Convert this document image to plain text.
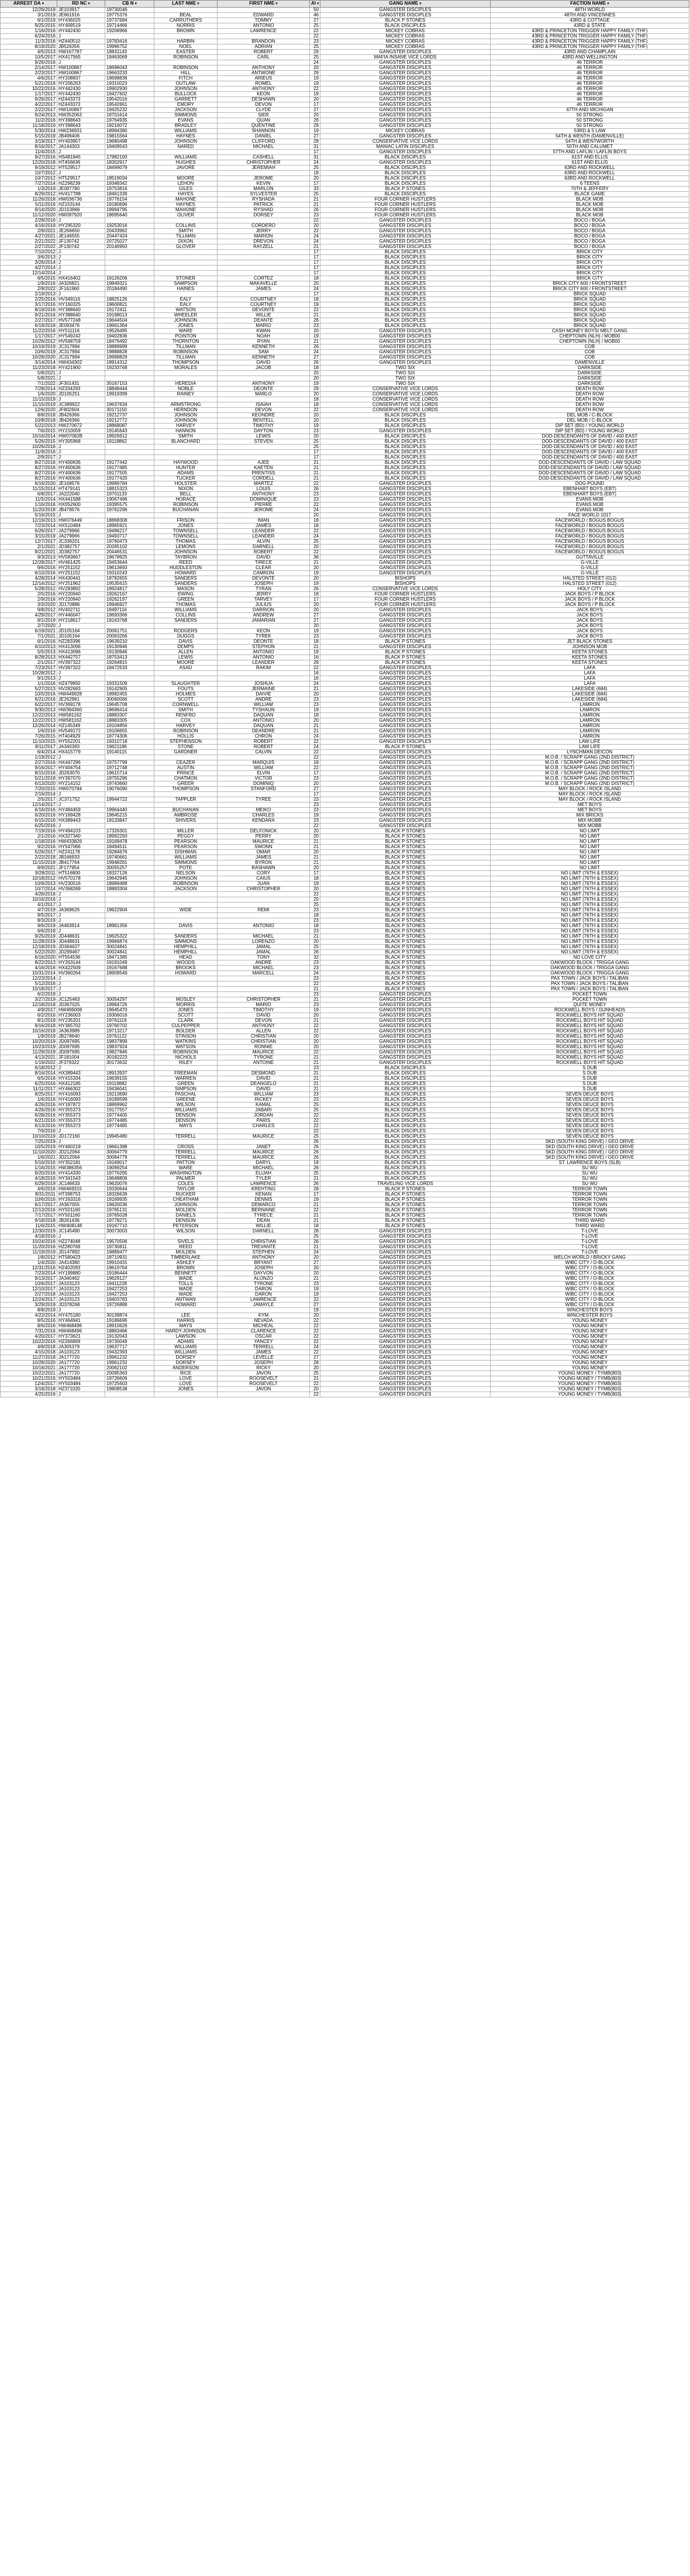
ARREST DA ▾	RD NC ▾	CB N ▾	LAST NME ▾	FIRST NME ▾	AI ▾	GANG NAME ▾	FACTION NAME ▾
12/26/2019	JE103917	19730046			50	GANGSTER DISCIPLES	48TH WORLD
3/1/2019	JE661916	19775376	BEAL	EDWARD	46	GANGSTER DISCIPLES	48TH AND VINCENNES
6/1/2019	HY436025	19737684	CARRUTHERS	TOMMY	27	BLACK P STONES	43RD & COTTAGE
9/25/2015	HY409519	19714466	NORRIS	ANTONIO	25	BLACK DISCIPLES	43RD & STATE
1/16/2016	HY442430	19206966	BROWN	LAWRENCE	22	MICKEY COBRAS	43RD & PRINCETON TRIGGER HAPPY FAMILY (THF)
6/24/2016	J				22	MICKEY COBRAS	43RD & PRINCETON TRIGGER HAPPY FAMILY (THF)
11/3/2016	HZ440510	19783416	HARBIN	BRANDON	23	MICKEY COBRAS	43RD & PRINCETON TRIGGER HAPPY FAMILY (THF)
8/19/2020	JB526356	19996752	NOEL	ADRIAN	25	MICKEY COBRAS	43RD & PRINCETON TRIGGER HAPPY FAMILY (THF)
4/5/2013	HW167787	18831143	EASTER	ROBERT	29	GANGSTER DISCIPLES	43RD AND CHAMPLAIN
10/5/2017	HX417565	19463069	ROBINSON	CARL	25	MAFIA INSANE VICE LORDS	43RD AND WELLINGTON
9/26/2016	J				24	GANGSTER DISCIPLES	46 TERROR
2/14/2017	HW100867	18696043	ROBINSON	ANTHONY	20	GANGSTER DISCIPLES	46 TERROR
2/23/2017	HW100867	19663233	HILL	ANTWONE	29	GANGSTER DISCIPLES	46 TERROR
4/6/2017	HY208837	19698836	FITCH	ARIEUS	19	GANGSTER DISCIPLES	46 TERROR
5/21/2016	HY206263	19310023	OUTLAW	ROMEL	19	GANGSTER DISCIPLES	46 TERROR
10/22/2016	HY442430	19902930	JOHNSON	ANTHONY	22	GANGSTER DISCIPLES	46 TERROR
1/17/2017	HY442430	19427602	BULLOCK	KEON	19	GANGSTER DISCIPLES	46 TERROR
9/26/2017	HZ443373	19542016	GARRETT	DESHAWN	20	GANGSTER DISCIPLES	46 TERROR
4/22/2017	HZ443373	19542661	EMORY	DEVON	17	GANGSTER DISCIPLES	46 TERROR
2/22/2017	HW100867	19425232	JACKSON	CLYDE	27	GANGSTER DISCIPLES	47TH AND MICHIGAN
9/24/2013	HW352063	18701614	SIMMONS	SIER	20	GANGSTER DISCIPLES	50 STRONG
11/2/2016	HY398643	19764935	EVANS	QUAN	26	GANGSTER DISCIPLES	50 STRONG
11/18/2019	HY398643	19216072	BRADLEY	QUENTINE	29	GANGSTER DISCIPLES	50 STRONG
5/30/2014	HW236931	18994380	WILLIAMS	SHANNON	19	MICKEY COBRAS	53RD & 5 LAW
5/15/2019	JB496406	19815564	HAYNES	DANIEL	27	GANGSTER DISCIPLES	54TH & WENTH (DAMENVILLE)
3/19/2017	HY403957	19680498	JOHNSON	CLIFFORD	28	CONSERVATIVE VICE LORDS	54TH & WENTWORTH
8/16/2017	JA144303	19409543	NARED	MICHAEL	31	MANIAC LATIN DISCIPLES	55TH AND CALUMET
11/4/2015	J				17	GANGSTER DISCIPLES	57TH AND LAFLIN / LAFLIN BOYS
9/27/2016	HS481845	17982193	WILLIAMS	CASHELL	31	BLACK DISCIPLES	61ST AND ELLIS
12/20/2018	HT456636	18302917	HUGHES	CHRISTOPHER	24	GANGSTER DISCIPLES	61ST AND ELLIS
9/19/2012	HT529517	18499079	JAVORE	JEREMIAH	25	BLACK DISCIPLES	63RD AND ROCKWELL
10/7/2012	J				18	BLACK DISCIPLES	63RD AND ROCKWELL
10/7/2012	HT529517	18519034	MOORE	JEROME	20	BLACK DISCIPLES	63RD AND ROCKWELL
7/27/2014	HZ298239	19348342	LEHON	KEVIN	17	BLACK DISCIPLES	6 TEENS
1/3/2019	JE087780	19753816	GILES	MARLON	33	BLACK P STONES	70TH & JEFFERY
8/29/2012	HV417788	18461339	HAYES	SYLVESTER	25	BLACK DISCIPLES	BLACK GAME
11/26/2018	HW036736	19776154	MAHONE	RYSHADA	21	FOUR CORNER HUSTLERS	BLACK MOB
5/11/2016	HZ153144	19180696	HAYNES	PATRICK	21	FOUR CORNER HUSTLERS	BLACK MOB
9/14/2020	JD153966	19994795	MAHONE	RYSHAD	26	FOUR CORNER HUSTLERS	BLACK MOB
11/12/2020	HW097920	18695640	OLIVER	DORSEY	23	FOUR CORNER HUSTLERS	BLACK MOB
2/28/2016	J				22	GANGSTER DISCIPLES	BOCO / BOGA
4/16/2019	HY295320	19253016	COLLINS	CORDERO	20	GANGSTER DISCIPLES	BOCO / BOGA
2/9/2021	JE266650	20433962	SMITH	JERRY	22	GANGSTER DISCIPLES	BOCO / BOGA
4/27/2021	JE146555	20447424	TILLMAN	MARION	24	GANGSTER DISCIPLES	BOCO / BOGA
2/21/2022	JF130742	20725027	DIXON	DREVON	24	GANGSTER DISCIPLES	BOCO / BOGA
2/27/2022	JF130742	20146993	GLOVER	RAYZELL	21	GANGSTER DISCIPLES	BOCO / BOGA
7/10/2012	J				17	BLACK DISCIPLES	BRICK CITY
3/6/2013	J				17	BLACK DISCIPLES	BRICK CITY
3/26/2014	J				17	BLACK DISCIPLES	BRICK CITY
4/27/2014	J				17	BLACK DISCIPLES	BRICK CITY
12/14/2014	J				17	BLACK DISCIPLES	BRICK CITY
6/5/2015	HX416402	19126206	STONER	CORTEZ	18	BLACK DISCIPLES	BRICK CITY
1/9/2016	JA326821	19849321	SAMPSON	MAKAVELLE	20	BLACK DISCIPLES	BRICK CITY 600 / FRONTSTREET
2/8/2022	JF161960	20184490	HAINES	JAMES	24	BLACK DISCIPLES	BRICK CITY 600 / FRONTSTREET
2/19/2013	J				17	BLACK DISCIPLES	BRICK SQUAD
2/25/2016	HV349116	18825126	EALY	COURTNEY	18	BLACK DISCIPLES	BRICK SQUAD
3/17/2016	HY160325	19600821	EALY	COURTNEY	19	BLACK DISCIPLES	BRICK SQUAD
8/19/2016	HY388640	19172411	WATSON	DEVONTE	22	BLACK DISCIPLES	BRICK SQUAD
9/21/2016	HY388640	19198013	WHEELER	WILLIE	21	BLACK DISCIPLES	BRICK SQUAD
2/27/2017	HV577248	19644504	JOHNSON	DEANTE	26	BLACK DISCIPLES	BRICK SQUAD
6/19/2018	JE093476	19661364	JONES	MARIO	23	BLACK DISCIPLES	BRICK SQUAD
11/22/2016	HY511116	19526495	WARE	KWAN	20	GANGSTER DISCIPLES	CASH MONEY BOYS/ MELT GANG
1/17/2017	HY549242	19402836	POINTON	NOAH	19	GANGSTER DISCIPLES	CHEPTOWN (NLH) / MOB00
10/26/2012	HV568759	18476492	THORNTON	RYAN	21	GANGSTER DISCIPLES	CHEPTOWN (NLH) / MOB00
10/19/2019	JC317994	19889999	TILLMAN	KENNETH	26	GANGSTER DISCIPLES	COB
10/6/2019	JC317994	19888828	ROBINSON	SAM	24	GANGSTER DISCIPLES	COB
10/28/2020	JC317994	19998829	TILLMAN	KENNETH	27	GANGSTER DISCIPLES	COB
3/14/2014	HW434302	18914312	THOMPSON	DAVID	26	GANGSTER DISCIPLES	DAMENVILLE
11/23/2018	HY421900	19233768	MORALES	JACOB	18	TWO SIX	DARKSIDE
5/8/2021	J				20	TWO SIX	DARKSIDE
5/8/2021	J				20	TWO SIX	DARKSIDE
7/1/2022	JF301431	30167153	HEREDIA	ANTHONY	19	TWO SIX	DARKSIDE
7/28/2014	HZ334293	18848444	NOBLE	DEONTE	29	CONSERVATIVE VICE LORDS	DEATH ROW
1/6/2020	JD105251	19919399	RAINEY	MARLO	20	CONSERVATIVE VICE LORDS	DEATH ROW
11/15/2019	J				18	CONSERVATIVE VICE LORDS	DEATH ROW
11/15/2019	JC389922	19637634	ARMSTRONG	ISAIAH	18	CONSERVATIVE VICE LORDS	DEATH ROW
12/6/2020	JF802604	30171150	HERNDON	DEVON	22	CONSERVATIVE VICE LORDS	DEATH ROW
8/8/2018	JB426366	19212737	JOHNSON	KEONDRE	20	BLACK DISCIPLES	DEL MOB / C-BLOCK
10/8/2018	JB426366	19212772	JOHNSON	BENTELL	20	BLACK DISCIPLES	DEL MOB / C-BLOCK
5/22/2013	HW270672	18868087	HARVEY	TIMOTHY	19	BLACK DISCIPLES	DIP SET (BD) / YOUNG WORLD
7/6/2015	HY210059	19145643	HANNON	DAYTON	23	GANGSTER DISCIPLES	DIP SET (BD) / YOUNG WORLD
10/16/2014	HW07082B	18926912	SMITH	LEWIS	20	BLACK DISCIPLES	DOD-DESCENDANTS OF DAVID / 400 EAST
5/26/2015	HY305968	19118862	BLANCHARD	STEVEN	25	BLACK DISCIPLES	DOD-DESCENDANTS OF DAVID / 400 EAST
10/26/2016	J				25	BLACK DISCIPLES	DOD-DESCENDANTS OF DAVID / 400 EAST
11/9/2016	J				17	BLACK DISCIPLES	DOD-DESCENDANTS OF DAVID / 400 EAST
2/9/2017	J				17	BLACK DISCIPLES	DOD-DESCENDANTS OF DAVID / 400 EAST
8/27/2016	HY400636	19177442	HAYWOOD	AJEE	21	BLACK DISCIPLES	DOD-DESCENDANTS OF DAVID / LAW SQUAD
8/27/2016	HY400636	19177485	HUNTER	KAETEN	21	BLACK DISCIPLES	DOD-DESCENDANTS OF DAVID / LAW SQUAD
8/27/2016	HY400636	19177505	ADAMS	PRENTISS	21	BLACK DISCIPLES	DOD-DESCENDANTS OF DAVID / LAW SQUAD
8/27/2016	HY400636	19177420	TUCKER	CORDELL	21	BLACK DISCIPLES	DOD-DESCENDANTS OF DAVID / LAW SQUAD
6/16/2020	JE168576	19989784	HOLSTER	MARTEZ	22	GANGSTER DISCIPLES	DOG POUND
11/15/2014	HT479141	18815323	NIXON	LOUIS	26	GANGSTER DISCIPLES	EBENHART BOYS (EBT)
6/8/2017	JA222040	19701133	BELL	ANTHONY	23	GANGSTER DISCIPLES	EBENHART BOYS (EBT)
11/5/2014	HX441588	19067496	HORACE	DOMINIQUE	23	GANGSTER DISCIPLES	EVANS MOB
1/16/2016	HX052600	19395575	ROBINSON	PIERRE	22	GANGSTER DISCIPLES	EVANS MOB
11/20/2018	JB478576	19762296	BUCHANAN	JEROME	24	GANGSTER DISCIPLES	EVANS MOB
5/16/2015	J				20	GANGSTER DISCIPLES	FACE WORLD 1017
12/19/2013	HW076449	18868308	FRISON	IMAN	18	GANGSTER DISCIPLES	FACEWORLD / BOGUS BOGUS
7/23/2014	HX510484	18965921	JONES	JAMES	18	GANGSTER DISCIPLES	FACEWORLD / BOGUS BOGUS
6/26/2017	JA279966	19496217	TOWNSELL	LEANDER	22	GANGSTER DISCIPLES	FACEWORLD / BOGUS BOGUS
3/15/2019	JA279966	19493717	TOWNSELL	LEANDER	24	GANGSTER DISCIPLES	FACEWORLD / BOGUS BOGUS
12/7/2017	JC336201	19760473	THOMAS	ALVIN	25	GANGSTER DISCIPLES	FACEWORLD / BOGUS BOGUS
2/1/2021	JD382757	20265102	LEMONS	DARNELL	20	GANGSTER DISCIPLES	FACEWORLD / BOGUS BOGUS
9/21/2021	JD382757	20446531	JOHNSON	ROBERT	22	GANGSTER DISCIPLES	FACEWORLD / BOGUS BOGUS
9/3/2013	HV583667	18678925	TAYBRON	DAVID	36	GANGSTER DISCIPLES	GUTTAVILLE
12/28/2017	HV461425	19453644	REED	TIRECE	21	GANGSTER DISCIPLES	G-VILLE
9/6/2016	HY251152	19613693	HUDDLESTON	CLEAR	20	GANGSTER DISCIPLES	G-VILLE
6/10/2016	HY251152	19310243	HOWARD	CAMRON	19	GANGSTER DISCIPLES	G-VILLE
4/28/2014	HX430441	18782655	SANDERS	DEVONTE	20	BISHOPS	HALSTED STREET (012)
12/14/2012	HY251962	19535615	SANDERS	JOSEPH	19	BISHOPS	HALSTED STREET (012)
5/28/2012	HV283892	18924817	MASON	TYRAN	26	CONSERVATIVE VICE LORDS	HOLY CITY
2/5/2016	HY220940	19262167	EWING	JERRY	18	FOUR CORNER HUSTLERS	JACK BOYS / P BLOCK
2/9/2016	HY220940	19262197	GREEN	TARVEY	17	FOUR CORNER HUSTLERS	JACK BOYS / P BLOCK
3/3/2020	JD170886	19946927	THOMAS	JULIUS	20	FOUR CORNER HUSTLERS	JACK BOYS / P BLOCK
9/8/2012	HV402711	18497116	WILLIAMS	DARRION	20	GANGSTER DISCIPLES	JACK BOYS
4/29/2017	HY446047	19693366	COLLINS	ANDREW	27	GANGSTER DISCIPLES	JACK BOYS
8/1/2019	HY218617	19163768	SANDERS	JAMARIAN	27	GANGSTER DISCIPLES	JACK BOYS
2/7/2020	J				20	GANGSTER DISCIPLES	JACK BOYS
6/19/2021	JD105164	20061751	RODGERS	KEON	19	GANGSTER DISCIPLES	JACK BOYS
7/1/2021	JD105164	20063266	DUGGS	TYREK	23	GANGSTER DISCIPLES	JACK BOYS
6/1/2016	HZ283396	19639210	DAVIS	DEONTE	18	BLACK P STONES	JET BLACK STONES
6/10/2013	HX413096	19130946	DEMPS	STEPHON	21	GANGSTER DISCIPLES	JOHNSON MOB
5/5/2013	HX413096	19130946	ALLEN	ANTONIO	19	BLACK P STONES	KEETA STONES
8/28/2013	HX442757	18753413	LEWIS	ANTONIO	16	BLACK P STONES	KEETA STONES
2/1/2017	HV397322	19264815	MOORE	LEANDER	29	BLACK P STONES	KEETA STONES
7/23/2017	HV397322	18472533	ASAD	RAKIM	22	GANGSTER DISCIPLES	LAFA
10/28/2012	J				16	GANGSTER DISCIPLES	LAFA
9/1/2013	J				16	GANGSTER DISCIPLES	LAFA
1/1/2016	HZ479950	19331509	SLAUGHTER	JOSHUA	24	GANGSTER DISCIPLES	LAFA
5/27/2013	HV282693	19142905	FOUTS	JERMAINE	21	GANGSTER DISCIPLES	LAKESIDE (684)
10/5/2016	HW449928	18982455	HOLMES	DAIVIE	20	GANGSTER DISCIPLES	LAKESIDE (684)
6/21/2016	JE262961	30060066	SCOTT	ANDRE	23	GANGSTER DISCIPLES	LAKESIDE (684)
6/22/2017	HV369178	19645708	CORNWELL	WILLIAM	23	GANGSTER DISCIPLES	LAMRON
9/30/2013	HW394360	18696414	SMITH	TYSHAUN	19	GANGSTER DISCIPLES	LAMRON
12/22/2013	HW581162	18883307	RENFRO	DAQUAN	18	GANGSTER DISCIPLES	LAMRON
12/22/2013	HW581162	18883305	COX	ANTONIO	20	GANGSTER DISCIPLES	LAMRON
12/26/2014	HZ145349	19104856	HARVEY	DAQUAN	21	GANGSTER DISCIPLES	LAMRON
1/6/2016	HV549172	19106655	ROBINSON	DEANDRE	21	GANGSTER DISCIPLES	LAMRON
7/26/2015	HT404929	18774306	HOLLIS	CHRON	24	GANGSTER DISCIPLES	LAMRON
11/10/2015	HY552201	19310718	STEPHENSON	ROBERT	22	GANGSTER DISCIPLES	LAW LIFE
8/11/2017	JA340393	19621186	STONE	ROBERT	24	BLACK P STONES	LAW LIFE
6/4/2014	HX415779	19140115	GARDNER	CALVIN	22	GANGSTER DISCIPLES	LYNCHMAN DEICON
1/19/2012	J				22	GANGSTER DISCIPLES	M.O.B. / SCRAPP GANG (2ND DISTRICT)
2/27/2016	HX447296	19757799	CEAZER	MARQUIS	18	GANGSTER DISCIPLES	M.O.B. / SCRAPP GANG (2ND DISTRICT)
9/16/2017	HY404754	19712748	AUSTIN	WILLIAM	22	GANGSTER DISCIPLES	M.O.B. / SCRAPP GANG (2ND DISTRICT)
8/15/2016	JD263070	19615714	PRINCE	ELVIN	17	GANGSTER DISCIPLES	M.O.B. / SCRAPP GANG (2ND DISTRICT)
5/21/2018	HY397070	19755296	CHATMON	VICTOR	23	GANGSTER DISCIPLES	M.O.B. / SCRAPP GANG (2ND DISTRICT)
6/13/2020	HY214152	19743660	GREER	DOMINIQ	20	GANGSTER DISCIPLES	M.O.B. / SCRAPP GANG (2ND DISTRICT)
7/20/2015	HW070784	19076090	THOMPSON	STANFORD	27	GANGSTER DISCIPLES	MAY BLOCK / ROCK ISLAND
2/16/2014	J				17	GANGSTER DISCIPLES	MAY BLOCK / ROCK ISLAND
2/5/2017	JC371752	19944722	TAPPLER	TYREE	23	GANGSTER DISCIPLES	MAY BLOCK / ROCK ISLAND
12/14/2017	J				23	GANGSTER DISCIPLES	MET BOYS
6/16/2016	HY484459	19964440	BUCHANAN	MEIKO	23	GANGSTER DISCIPLES	MET BOYS
6/20/2016	HY169428	19645215	AMBROSE	CHARLES	19	GANGSTER DISCIPLES	MIX BRICKS
6/15/2016	HX389443	19133847	SHIVERS	KENDARA	23	GANGSTER DISCIPLES	MIX MOBB
6/25/2016	J				22	GANGSTER DISCIPLES	MIX MOBB
7/19/2016	HY494103	17326301	MILLER	DELFONICK	20	BLACK P STONES	NO LIMIT
2/1/2016	HX327340	18992293	PEGGY	PERRY	20	BLACK P STONES	NO LIMIT
1/18/2016	HW433826	19168478	PEARSON	MAURICE	21	BLACK P STONES	NO LIMIT
9/2/2016	HY547066	18494511	PEARSON	SWONN	21	BLACK P STONES	NO LIMIT
5/26/2017	HZ241178	19284676	DISHMAN	OMAR	20	BLACK P STONES	NO LIMIT
2/22/2018	JB166933	19740661	WILLIAMS	JAMES	21	BLACK P STONES	NO LIMIT
11/15/2019	JB417764	19948281	SIMMONS	BYRON	21	BLACK P STONES	NO LIMIT
8/9/2021	JF177954	30055257	POTE	RASHAWN	20	BLACK P STONES	NO LIMIT
9/28/2011	HT516800	18327126	NELSON	CORY	17	BLACK P STONES	NO LIMIT (76TH & ESSEX)
10/18/2012	HV570178	19642945	JOHNSON	CAIUS	18	BLACK P STONES	NO LIMIT (76TH & ESSEX)
10/9/2013	HV230516	18989488	ROBINSON	JUAN	19	BLACK P STONES	NO LIMIT (76TH & ESSEX)
10/7/2014	HV368269	18883304	JACKSON	CHRISTOPHER	20	BLACK P STONES	NO LIMIT (76TH & ESSEX)
4/26/2016	J				22	BLACK P STONES	NO LIMIT (76TH & ESSEX)
10/16/2016	J				20	BLACK P STONES	NO LIMIT (76TH & ESSEX)
4/1/2017	J				25	BLACK P STONES	NO LIMIT (76TH & ESSEX)
4/7/2019	JA369626	19622904	WIDE	REMI	23	BLACK P STONES	NO LIMIT (76TH & ESSEX)
9/5/2017	J				18	BLACK P STONES	NO LIMIT (76TH & ESSEX)
8/3/2019	J				23	BLACK P STONES	NO LIMIT (76TH & ESSEX)
9/6/2019	JA463914	18961356	DAVIS	ANTONIO	18	BLACK P STONES	NO LIMIT (76TH & ESSEX)
6/6/2018	J				23	BLACK P STONES	NO LIMIT (76TH & ESSEX)
9/25/2019	JD448631	19625322	SANDERS	MICHAEL	21	BLACK P STONES	NO LIMIT (76TH & ESSEX)
11/28/2019	JD448631	19966874	SIMMONS	LORENZO	20	BLACK P STONES	NO LIMIT (76TH & ESSEX)
12/18/2019	JD364627	30024841	HEMPHILL	JAMAL	25	BLACK P STONES	NO LIMIT (76TH & ESSEX)
5/22/2020	JD299467	30024841	HEMPHILL	JAMAL	26	BLACK P STONES	NO LIMIT (76TH & ESSEX)
6/16/2020	HT554536	18471385	HEAD	TONY	32	BLACK P STONES	NO LOVE CITY
8/22/2013	HY263144	19191049	WOODS	ANDRE	23	BLACK P STONES	OAKWOOD BLOCK / TRIGGA GANG
4/16/2016	HX422509	19167688	BROOKS	MICHAEL	23	BLACK P STONES	OAKWOOD BLOCK / TRIGGA GANG
10/31/2014	HV360264	18909549	HOWARD	MARCELL	24	BLACK P STONES	OAKWOOD BLOCK / TRIGGA GANG
12/23/2014	J				23	BLACK P STONES	PAX TOWN / JACK BOYS / TALIBAN
5/12/2016	J				22	BLACK P STONES	PAX TOWN / JACK BOYS / TALIBAN
10/18/2017	J				21	BLACK P STONES	PAX TOWN / JACK BOYS / TALIBAN
6/2/2019	J				23	GANGSTER DISCIPLES	POCKET TOWN
3/27/2019	JC125463	30054297	MOSLEY	CHRISTOPHER	21	GANGSTER DISCIPLES	POCKET TOWN
12/18/2018	JD367025	19964726	MORRIS	MARIO	23	GANGSTER DISCIPLES	QUITE MONEY
4/9/2017	HW496008	19645470	JONES	TIMOTHY	19	GANGSTER DISCIPLES	ROCKWELL BOYS / GUNHEADS
6/2/2016	HY236003	19306016	SCOTT	DAVID	20	GANGSTER DISCIPLES	ROCKWELL BOYS HIT SQUAD
8/1/2019	HY235201	19761119	CLARK	DEVON	21	GANGSTER DISCIPLES	ROCKWELL BOYS HIT SQUAD
9/16/2018	HY365702	19760702	CULPEPPER	ANTHONY	22	GANGSTER DISCIPLES	ROCKWELL BOYS HIT SQUAD
10/16/2018	JA363989	19713217	BOLDER	ALLEN	22	GANGSTER DISCIPLES	ROCKWELL BOYS HIT SQUAD
1/9/2019	JB278640	19761122	STINSON	CHRISTIAN	20	GANGSTER DISCIPLES	ROCKWELL BOYS HIT SQUAD
10/20/2019	JD097695	19837899	WATKINS	CHRISTIAN	20	GANGSTER DISCIPLES	ROCKWELL BOYS HIT SQUAD
10/23/2019	JD097695	19837924	WATSON	RONNIE	20	GANGSTER DISCIPLES	ROCKWELL BOYS HIT SQUAD
11/29/2019	JD097695	19827846	ROBINSON	MAURICE	22	GANGSTER DISCIPLES	ROCKWELL BOYS HIT SQUAD
4/13/2021	JF181004	30182223	NICHOLS	TYRONE	21	GANGSTER DISCIPLES	ROCKWELL BOYS HIT SQUAD
1/19/2022	JF379322	30173632	RILEY	ANTOINE	21	GANGSTER DISCIPLES	ROCKWELL BOYS HIT SQUAD
6/18/2012	J				23	BLACK DISCIPLES	S DUB
8/16/2014	HX389443	18913937	FREEMAN	DESMOND	21	BLACK DISCIPLES	S DUB
6/5/2016	HY415334	19639155	WARREN	DAVID	21	BLACK DISCIPLES	S DUB
6/25/2016	HX412185	19119882	GREEN	DEANGELO	21	BLACK DISCIPLES	S DUB
11/11/2017	HY466302	19436041	SIMPSON	DAVID	21	BLACK DISCIPLES	S DUB
8/25/2017	HY416093	19213690	PASCHAL	WILLIAM	23	BLACK DISCIPLES	SEVEN DEUCE BOYS
1/6/2016	HY416093	19189599	GREENE	RICKEY	23	BLACK DISCIPLES	SEVEN DEUCE BOYS
4/26/2016	HY187872	18869962	WILSON	KAMAL	25	BLACK DISCIPLES	SEVEN DEUCE BOYS
4/26/2016	HY355373	19177557	WILLIAMS	JABARI	25	BLACK DISCIPLES	SEVEN DEUCE BOYS
6/28/2016	HY355373	19774405	DENSON	JORDAN	22	BLACK DISCIPLES	SEVEN DEUCE BOYS
6/21/2016	HY355373	19774485	DENSON	PARIS	22	BLACK DISCIPLES	SEVEN DEUCE BOYS
6/13/2016	HY355373	19774485	MAYS	CHARLES	22	BLACK DISCIPLES	SEVEN DEUCE BOYS
7/6/2016	J				22	BLACK DISCIPLES	SEVEN DEUCE BOYS
10/10/2019	JD172160	19945480	TERRELL	MAURICE	25	BLACK DISCIPLES	SEVEN DEUCE BOYS
7/25/2019	J				26	BLACK DISCIPLES	SKD (SOUTH KING DRIVE) / GEO DRIVE
10/5/2019	HY460219	19661398	CROSS	JANET	26	BLACK DISCIPLES	SKD (SOUTH KING DRIVE) / GEO DRIVE
11/10/2020	JD212064	30064779	TERRELL	MAURICE	26	BLACK DISCIPLES	SKD (SOUTH KING DRIVE) / GEO DRIVE
1/6/2021	JD212064	30064779	TERRELL	MAURICE	26	BLACK DISCIPLES	SKD (SOUTH KING DRIVE) / GEO DRIVE
5/16/2016	HY352181	19169017	PATTON	DARYL	19	BLACK DISCIPLES	ST. LAWRENCE BOYS (SLB)
1/16/2015	HW386356	19099254	WARE	MICHAEL	26	BLACK DISCIPLES	SU WU
9/20/2016	HY414330	19776295	WASHINGTON	ELIJAH	25	BLACK DISCIPLES	SU WU
4/18/2016	HY341543	19648806	PALMER	TYLER	21	BLACK DISCIPLES	SU WU
6/29/2019	JC146633	19620076	COLES	LAWRENCE	26	TRAVELING VICE LORDS	SU WU
4/6/2016	HW469315	19330644	TAYLOR	KREHTING	28	BLACK P STONES	TERROR TOWN
8/31/2011	HT398753	18326639	RUCKER	KENAN	17	BLACK P STONES	TERROR TOWN
10/6/2016	HY263316	19169935	CHEATHAM	DENNIS	19	BLACK P STONES	TERROR TOWN
6/17/2017	JA367055	19620036	JOHNSON	DEMARCO	21	BLACK P STONES	TERROR TOWN
12/13/2016	HY501160	19765131	MOLDEN	BERNAINE	22	BLACK P STONES	TERROR TOWN
7/17/2017	HY501160	19765028	DANIELS	TYRECE	21	BLACK P STONES	TERROR TOWN
9/18/2018	JB261436	19778271	DENSON	DEAN	21	BLACK P STONES	THIRD WARD
11/6/2015	HW408148	19167710	PETERSON	WILLIE	18	BLACK P STONES	THIRD WARD
12/30/2019	JC145490	30073003	WILSON	DARNELL	28	GANGSTER DISCIPLES	T-LOVE
4/18/2016	J				25	GANGSTER DISCIPLES	T-LOVE
10/24/2016	HZ274048	19570506	SIVELS	CHRISTIAN	26	GANGSTER DISCIPLES	T-LOVE
11/20/2016	HZ280769	19730811	REED	TREVANTE	21	GANGSTER DISCIPLES	T-LOVE
11/19/2019	JD147892	19889477	MOLDEN	STEPHEN	24	GANGSTER DISCIPLES	T-LOVE
1/8/2012	HT580423	18710931	TIMBERLAKE	ANTHONY	20	GANGSTER DISCIPLES	WELCH WORLD / BRICKY GANG
1/4/2020	JA414380	19910431	ASHLEY	BRYANT	27	GANGSTER DISCIPLES	WIBC CITY / O-BLOCK
12/31/2016	HZ402093	19619764	BROWN	JOSEPH	20	GANGSTER DISCIPLES	WIBC CITY / O-BLOCK
7/23/2014	HY199880	19186444	BENNETT	DAYVON	20	GANGSTER DISCIPLES	WIBC CITY / O-BLOCK
9/13/2017	JA340462	19629127	WADE	ALONZO	21	GANGSTER DISCIPLES	WIBC CITY / O-BLOCK
10/6/2017	JA103123	19411228	TOLLS	TYRONE	23	GANGSTER DISCIPLES	WIBC CITY / O-BLOCK
12/10/2017	JA103123	19427253	WADE	DARON	19	GANGSTER DISCIPLES	WIBC CITY / O-BLOCK
2/27/2018	JA103123	19427253	WADE	DARON	19	GANGSTER DISCIPLES	WIBC CITY / O-BLOCK
12/24/2017	JA103123	19403783	ANTWAN	LAWRENCE	22	GANGSTER DISCIPLES	WIBC CITY / O-BLOCK
3/29/2019	JD378268	19726888	HOWARD	JAMAYLE	27	GANGSTER DISCIPLES	WIBC CITY / O-BLOCK
8/8/2019	J				19	GANGSTER DISCIPLES	WINCHESTER BOYS
4/22/2014	HY475180	30139874	LEE	KYM	20	GANGSTER DISCIPLES	WINCHESTER BOYS
8/5/2016	HY464941	19186696	HARRIS	NEVADA	22	GANGSTER DISCIPLES	YOUNG MONEY
8/6/2016	HW468496	18910626	MAYS	MICHEAL	22	GANGSTER DISCIPLES	YOUNG MONEY
7/31/2016	HW468496	18863466	HARDY-JOHNSON	CLARENCE	22	GANGSTER DISCIPLES	YOUNG MONEY
4/20/2017	HY373621	19132043	LAWSON	OSCAR	22	GANGSTER DISCIPLES	YOUNG MONEY
10/22/2016	HZ266869	19730049	ADAMS	YANCEY	22	GANGSTER DISCIPLES	YOUNG MONEY
4/8/2018	JA305379	19637717	WILLIAMS	TERRELL	24	GANGSTER DISCIPLES	YOUNG MONEY
4/15/2018	JA103123	19432393	WILLIAMS	JAMES	22	GANGSTER DISCIPLES	YOUNG MONEY
11/27/2018	JA177720	19961232	DORSEY	LEVELLE	27	GANGSTER DISCIPLES	YOUNG MONEY
10/28/2020	JA177720	19961232	DORSEY	JOSEPH	28	GANGSTER DISCIPLES	YOUNG MONEY
10/16/2021	JA177720	20062102	ANDERSON	RICKY	20	GANGSTER DISCIPLES	YOUNG MONEY
10/22/2021	JA177720	20095363	RICE	JAVON	25	GANGSTER DISCIPLES	YOUNG MONEY / TYMB(803)
10/21/2016	HY503484	19726606	LOVE	ROOSEVELT	21	GANGSTER DISCIPLES	YOUNG MONEY / TYMB(803)
12/4/2017	HY503484	19725603	LOVE	ROOSEVELT	22	GANGSTER DISCIPLES	YOUNG MONEY / TYMB(803)
3/18/2018	HZ371020	19808538	JONES	JAVON	20	GANGSTER DISCIPLES	YOUNG MONEY / TYMB(803)
4/25/2016	J				22	GANGSTER DISCIPLES	YOUNG MONEY / TYMB(803)
